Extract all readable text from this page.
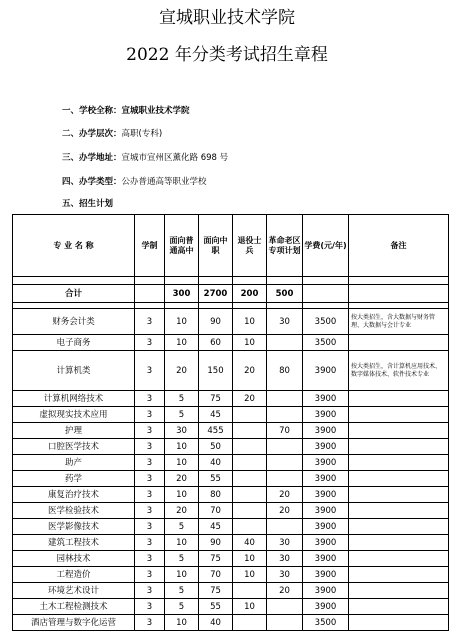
宣城职业技术学院
2022 年分类考试招生章程
一、学校全称：宣城职业技术学院
二、办学层次：高职(专科)
三、办学地址：宣城市宣州区薰化路 698 号
四、办学类型：公办普通高等职业学校
五、招生计划
专 业 名 称	学制	面向普通高中	面向中职	退役士兵	革命老区专项计划	学费(元/年)	备注

合计		300	2700	200	500		

财务会计类	3	10	90	10	30	3500	按大类招生，含大数据与财务管理、大数据与会计专业
电子商务	3	10	60	10		3500	
计算机类	3	20	150	20	80	3900	按大类招生，含计算机应用技术、数字媒体技术、软件技术专业
计算机网络技术	3	5	75	20		3900	
虚拟现实技术应用	3	5	45			3900	
护理	3	30	455		70	3900	
口腔医学技术	3	10	50			3900	
助产	3	10	40			3900	
药学	3	20	55			3900	
康复治疗技术	3	10	80		20	3900	
医学检验技术	3	20	70		20	3900	
医学影像技术	3	5	45			3900	
建筑工程技术	3	10	90	40	30	3900	
园林技术	3	5	75	10	30	3900	
工程造价	3	10	70	10	30	3900	
环境艺术设计	3	5	75		20	3900	
土木工程检测技术	3	5	55	10		3900	
酒店管理与数字化运营	3	10	40			3500	
